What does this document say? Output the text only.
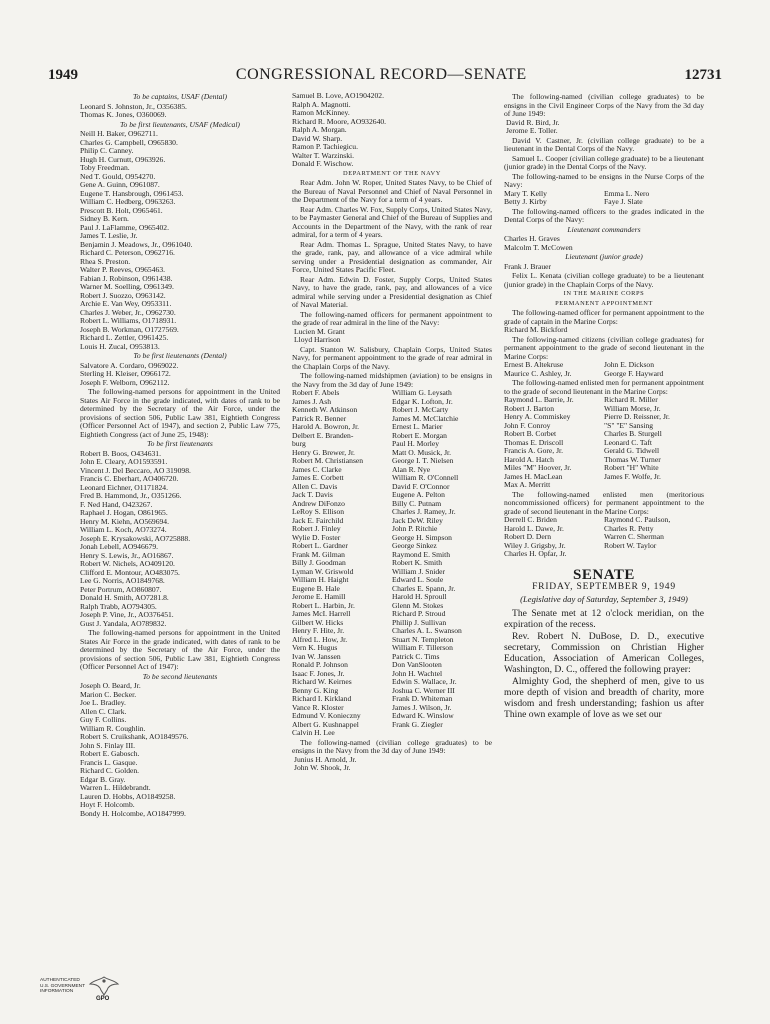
1949	CONGRESSIONAL RECORD—SENATE	12731

To be captains, USAF (Dental)

Leonard S. Johnston, Jr., O356385.
Thomas K. Jones, O360069.

To be first lieutenants, USAF (Medical)

Neill H. Baker, O962711.
Charles G. Campbell, O965830.
Philip C. Canney.
Hugh H. Curnutt, O963926.
Toby Freedman.
Ned T. Gould, O954270.
Gene A. Guinn, O961087.
Eugene T. Hansbrough, O961453.
William C. Hedberg, O963263.
Prescott B. Holt, O965461.
Sidney B. Kern.
Paul J. LaFlamme, O965402.
James T. Leslie, Jr.
Benjamin J. Meadows, Jr., O961040.
Richard C. Peterson, O962716.
Rhea S. Preston.
Walter P. Reeves, O965463.
Fabian J. Robinson, O961438.
Warner M. Soelling, O961349.
Robert J. Suozzo, O963142.
Archie E. Van Wey, O953311.
Charles J. Weber, Jr., O962730.
Robert L. Williams, O1718931.
Joseph B. Workman, O1727569.
Richard L. Zettler, O961425.
Louis H. Zucal, O953813.

To be first lieutenants (Dental)

Salvatore A. Cordaro, O969022.
Sterling H. Kleiser, O966172.
Joseph F. Welborn, O962112.

The following-named persons for appointment in the United States Air Force in the grade indicated, with dates of rank to be determined by the Secretary of the Air Force, under the provisions of section 506, Public Law 381, Eightieth Congress (Officer Personnel Act of 1947), and section 2, Public Law 775, Eightieth Congress (act of June 25, 1948):

To be first lieutenants

Robert B. Boos, O434631.
John E. Cleary, AO1593591.
Vincent J. Del Beccaro, AO 319098.
Francis C. Eberhart, AO406720.
Leonard Eichner, O1171824.
Fred B. Hammond, Jr., O351266.
F. Ned Hand, O423267.
Raphael J. Hogan, O861965.
Henry M. Kiehn, AO569694.
William L. Koch, AO73274.
Joseph E. Krysakowski, AO725888.
Jonah Lebell, AO946679.
Henry S. Lewis, Jr., AO16867.
Robert W. Nichels, AO409120.
Clifford E. Montour, AO483075.
Lee G. Norris, AO1849768.
Peter Portrum, AO860807.
Donald H. Smith, AO7281.8.
Ralph Trabb, AO794305.
Joseph P. Vine, Jr., AO376451.
Gust J. Yandala, AO789832.

The following-named persons for appointment in the United States Air Force in the grade indicated, with dates of rank to be determined by the Secretary of the Air Force, under the provisions of section 506, Public Law 381, Eightieth Congress (Officer Personnel Act of 1947):

To be second lieutenants

Joseph O. Beard, Jr.
Marion C. Becker.
Joe L. Bradley.
Allen C. Clark.
Guy F. Collins.
William R. Coughlin.
Robert S. Cruikshank, AO1849576.
John S. Finlay III.
Robert E. Gabosch.
Francis L. Gasque.
Richard C. Golden.
Edgar B. Gray.
Warren L. Hildebrandt.
Lauren D. Hobbs, AO1849258.
Hoyt F. Holcomb.
Bondy H. Holcombe, AO1847999.
Samuel B. Love, AO1904202.
Ralph A. Magnotti.
Ramon McKinney.
Richard R. Moore, AO932640.
Ralph A. Morgan.
David W. Sharp.
Ramon P. Tachiegicu.
Walter T. Warzinski.
Donald F. Wischow.

DEPARTMENT OF THE NAVY

Rear Adm. John W. Roper, United States Navy, to be Chief of the Bureau of Naval Personnel and Chief of Naval Personnel in the Department of the Navy for a term of 4 years.

Rear Adm. Charles W. Fox, Supply Corps, United States Navy, to be Paymaster General and Chief of the Bureau of Supplies and Accounts in the Department of the Navy, with the rank of rear admiral, for a term of 4 years.

Rear Adm. Thomas L. Sprague, United States Navy, to have the grade, rank, pay, and allowance of a vice admiral while serving under a Presidential designation as commander, Air Force, United States Pacific Fleet.

Rear Adm. Edwin D. Foster, Supply Corps, United States Navy, to have the grade, rank, pay, and allowances of a vice admiral while serving under a Presidential designation as Chief of Naval Material.

The following-named officers for permanent appointment to the grade of rear admiral in the line of the Navy:

Lucien M. Grant
Lloyd Harrison

Capt. Stanton W. Salisbury, Chaplain Corps, United States Navy, for permanent appointment to the grade of rear admiral in the Chaplain Corps of the Navy.

The following-named midshipmen (aviation) to be ensigns in the Navy from the 3d day of June 1949:

Robert F. Abels	William G. Leysath
James J. Ash	Edgar K. Lofton, Jr.
Kenneth W. Atkinson	Robert J. McCarty
Patrick R. Benner	James M. McClatchie
Harold A. Bowron, Jr.	Ernest L. Marier
Delbert E. Branden-	Robert E. Morgan
burg	Paul H. Morley
Henry G. Brewer, Jr.	Matt O. Musick, Jr.
Robert M. Christiansen	George I. T. Nielsen
James C. Clarke	Alan R. Nye
James E. Corbett	William R. O'Connell
Allen C. Davis	David F. O'Connor
Jack T. Davis	Eugene A. Pelton
Andrew DiFonzo	Billy C. Putnam
LeRoy S. Ellison	Charles J. Ramey, Jr.
Jack E. Fairchild	Jack DeW. Riley
Robert J. Finley	John P. Ritchie
Wylie D. Foster	George H. Simpson
Robert L. Gardner	George Sinkez
Frank M. Gilman	Raymond E. Smith
Billy J. Goodman	Robert K. Smith
Lyman W. Griswold	William J. Snider
William H. Haight	Edward L. Soule
Eugene B. Hale	Charles E. Spann, Jr.
Jerome E. Hamill	Harold H. Sproull
Robert L. Harbin, Jr.	Glenn M. Stokes
James McI. Harrell	Richard P. Stroud
Gilbert W. Hicks	Phillip J. Sullivan
Henry F. Hite, Jr.	Charles A. L. Swanson
Alfred L. How, Jr.	Stuart N. Templeton
Vern K. Hugus	William F. Tillerson
Ivan W. Janssen	Patrick C. Tims
Ronald P. Johnson	Don VanSlooten
Isaac F. Jones, Jr.	John H. Wachtel
Richard W. Keirnes	Edwin S. Wallace, Jr.
Benny G. King	Joshua C. Werner III
Richard I. Kirkland	Frank D. Whiteman
Vance R. Kloster	James J. Wilson, Jr.
Edmund V. Konieczny	Edward K. Winslow
Albert G. Kushnappel	Frank G. Ziegler
Calvin H. Lee

The following-named (civilian college graduates) to be ensigns in the Navy from the 3d day of June 1949:

Junius H. Arnold, Jr.
John W. Shook, Jr.

The following-named (civilian college graduates) to be ensigns in the Civil Engineer Corps of the Navy from the 3d day of June 1949:

David R. Bird, Jr.
Jerome E. Toller.

David V. Castner, Jr. (civilian college graduate) to be a lieutenant in the Dental Corps of the Navy.

Samuel L. Cooper (civilian college graduate) to be a lieutenant (junior grade) in the Dental Corps of the Navy.

The following-named to be ensigns in the Nurse Corps of the Navy:

Mary T. Kelly	Emma L. Nero
Betty J. Kirby	Faye J. Slate

The following-named officers to the grades indicated in the Dental Corps of the Navy:

Lieutenant commanders

Charles H. Graves
Malcolm T. McCowen

Lieutenant (junior grade)

Frank J. Brauer

Felix L. Kenata (civilian college graduate) to be a lieutenant (junior grade) in the Chaplain Corps of the Navy.

IN THE MARINE CORPS

PERMANENT APPOINTMENT

The following-named officer for permanent appointment to the grade of captain in the Marine Corps:

Richard M. Bickford

The following-named citizens (civilian college graduates) for permanent appointment to the grade of second lieutenant in the Marine Corps:

Ernest B. Altekruse	John E. Dickson
Maurice C. Ashley, Jr.	George F. Hayward

The following-named enlisted men for permanent appointment to the grade of second lieutenant in the Marine Corps:

Raymond L. Barrie, Jr.	Richard R. Miller
Robert J. Barton	William Morse, Jr.
Henry A. Commiskey	Pierre D. Reissner, Jr.
John F. Conroy	"S" "E" Sansing
Robert B. Corbet	Charles B. Sturgell
Thomas E. Driscoll	Leonard C. Taft
Francis A. Gore, Jr.	Gerald G. Tidwell
Harold A. Hatch	Thomas W. Turner
Miles "M" Hoover, Jr.	Robert "H" White
James H. MacLean	James F. Wolfe, Jr.
Max A. Merritt

The following-named enlisted men (meritorious noncommissioned officers) for permanent appointment to the grade of second lieutenant in the Marine Corps:

Derrell C. Briden	Raymond C. Paulson,
Harold L. Dawe, Jr.	Charles R. Petty
Robert D. Dern	Warren C. Sherman
Wiley J. Grigsby, Jr.	Robert W. Taylor
Charles H. Opfar, Jr.

SENATE

FRIDAY, SEPTEMBER 9, 1949

(Legislative day of Saturday, September 3, 1949)

The Senate met at 12 o'clock meridian, on the expiration of the recess.

Rev. Robert N. DuBose, D. D., executive secretary, Commission on Christian Higher Education, Association of American Colleges, Washington, D. C., offered the following prayer:

Almighty God, the shepherd of men, give to us more depth of vision and breadth of charity, more wisdom and fresh understanding; fashion us after Thine own example of love as we set our

AUTHENTICATED
U.S. GOVERNMENT
INFORMATION
GPO
